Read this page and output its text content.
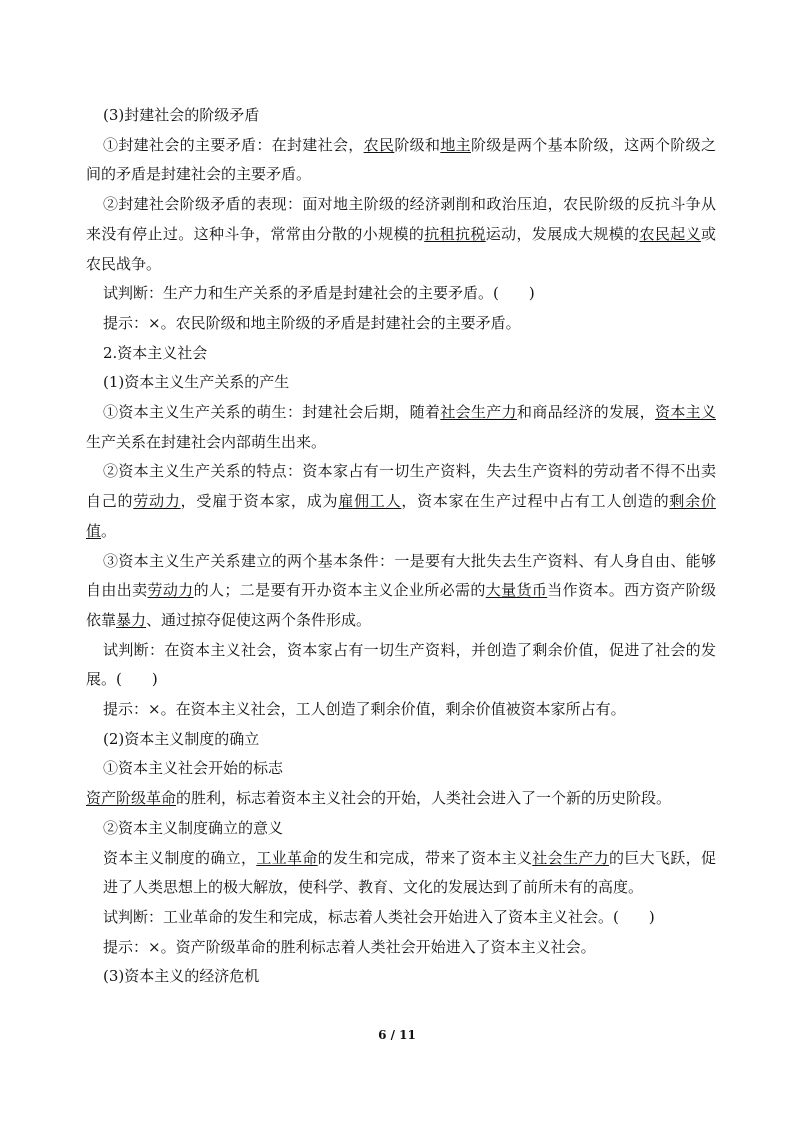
(3)封建社会的阶级矛盾

①封建社会的主要矛盾：在封建社会，农民阶级和地主阶级是两个基本阶级，这两个阶级之间的矛盾是封建社会的主要矛盾。

②封建社会阶级矛盾的表现：面对地主阶级的经济剥削和政治压迫，农民阶级的反抗斗争从来没有停止过。这种斗争，常常由分散的小规模的抗租抗税运动，发展成大规模的农民起义或农民战争。

试判断：生产力和生产关系的矛盾是封建社会的主要矛盾。(　　)

提示：×。农民阶级和地主阶级的矛盾是封建社会的主要矛盾。

2.资本主义社会

(1)资本主义生产关系的产生

①资本主义生产关系的萌生：封建社会后期，随着社会生产力和商品经济的发展，资本主义生产关系在封建社会内部萌生出来。

②资本主义生产关系的特点：资本家占有一切生产资料，失去生产资料的劳动者不得不出卖自己的劳动力，受雇于资本家，成为雇佣工人，资本家在生产过程中占有工人创造的剩余价值。

③资本主义生产关系建立的两个基本条件：一是要有大批失去生产资料、有人身自由、能够自由出卖劳动力的人；二是要有开办资本主义企业所必需的大量货币当作资本。西方资产阶级依靠暴力、通过掠夺促使这两个条件形成。

试判断：在资本主义社会，资本家占有一切生产资料，并创造了剩余价值，促进了社会的发展。(　　)

提示：×。在资本主义社会，工人创造了剩余价值，剩余价值被资本家所占有。

(2)资本主义制度的确立

①资本主义社会开始的标志

资产阶级革命的胜利，标志着资本主义社会的开始，人类社会进入了一个新的历史阶段。

②资本主义制度确立的意义

资本主义制度的确立，工业革命的发生和完成，带来了资本主义社会生产力的巨大飞跃，促进了人类思想上的极大解放，使科学、教育、文化的发展达到了前所未有的高度。

试判断：工业革命的发生和完成，标志着人类社会开始进入了资本主义社会。(　　)

提示：×。资产阶级革命的胜利标志着人类社会开始进入了资本主义社会。

(3)资本主义的经济危机

6 / 11
